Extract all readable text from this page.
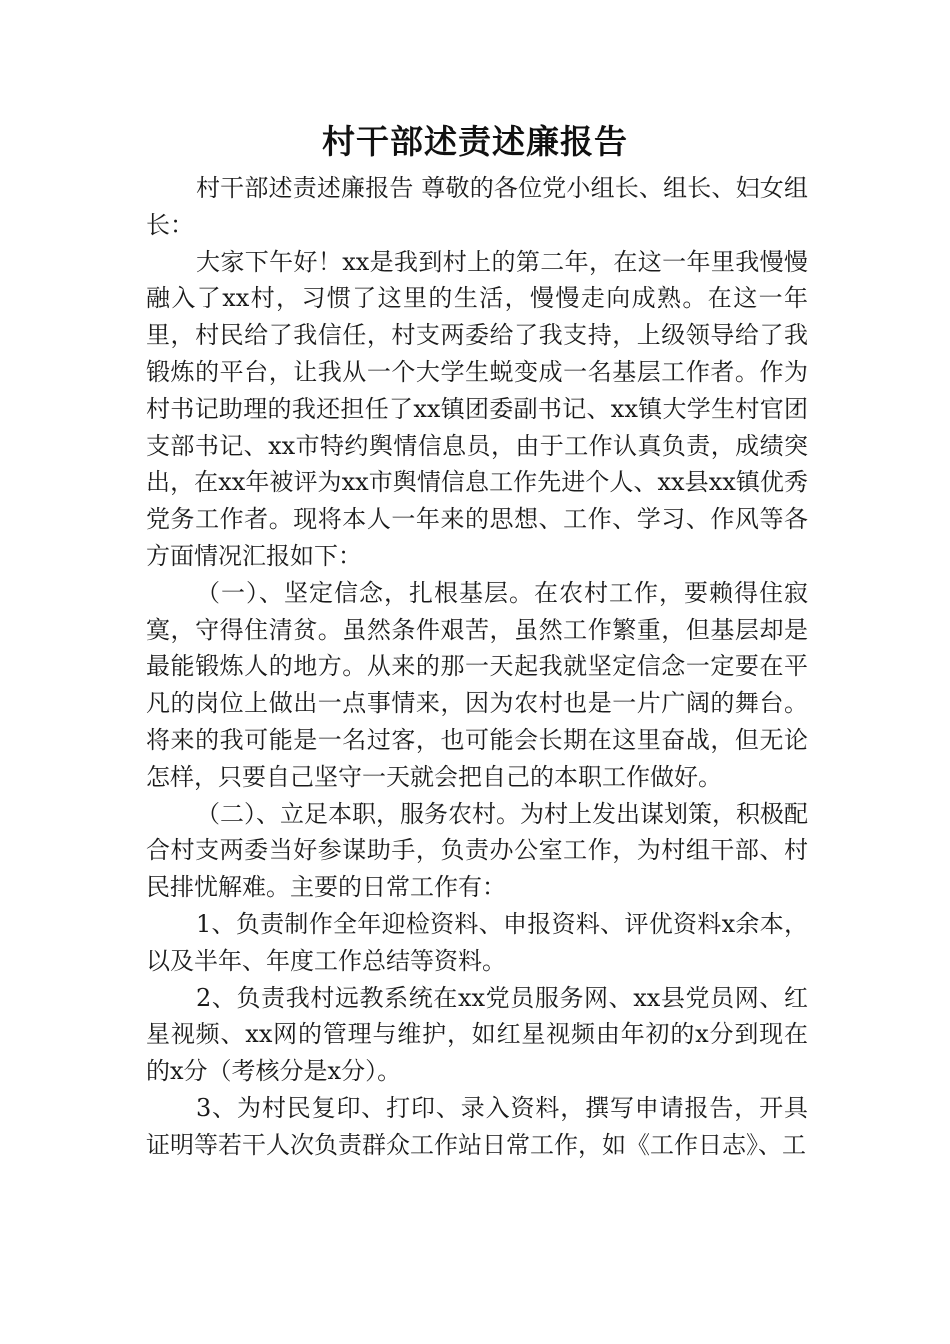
村干部述责述廉报告

村干部述责述廉报告 尊敬的各位党小组长、组长、妇女组长：

大家下午好！xx是我到村上的第二年，在这一年里我慢慢融入了xx村，习惯了这里的生活，慢慢走向成熟。在这一年里，村民给了我信任，村支两委给了我支持，上级领导给了我锻炼的平台，让我从一个大学生蜕变成一名基层工作者。作为村书记助理的我还担任了xx镇团委副书记、xx镇大学生村官团支部书记、xx市特约舆情信息员，由于工作认真负责，成绩突出，在xx年被评为xx市舆情信息工作先进个人、xx县xx镇优秀党务工作者。现将本人一年来的思想、工作、学习、作风等各方面情况汇报如下：

（一）、坚定信念，扎根基层。在农村工作，要赖得住寂寞，守得住清贫。虽然条件艰苦，虽然工作繁重，但基层却是最能锻炼人的地方。从来的那一天起我就坚定信念一定要在平凡的岗位上做出一点事情来，因为农村也是一片广阔的舞台。将来的我可能是一名过客，也可能会长期在这里奋战，但无论怎样，只要自己坚守一天就会把自己的本职工作做好。

（二）、立足本职，服务农村。为村上发出谋划策，积极配合村支两委当好参谋助手，负责办公室工作，为村组干部、村民排忧解难。主要的日常工作有：

1、负责制作全年迎检资料、申报资料、评优资料x余本，以及半年、年度工作总结等资料。

2、负责我村远教系统在xx党员服务网、xx县党员网、红星视频、xx网的管理与维护，如红星视频由年初的x分到现在的x分（考核分是x分）。

3、为村民复印、打印、录入资料，撰写申请报告，开具证明等若干人次负责群众工作站日常工作，如《工作日志》、工
